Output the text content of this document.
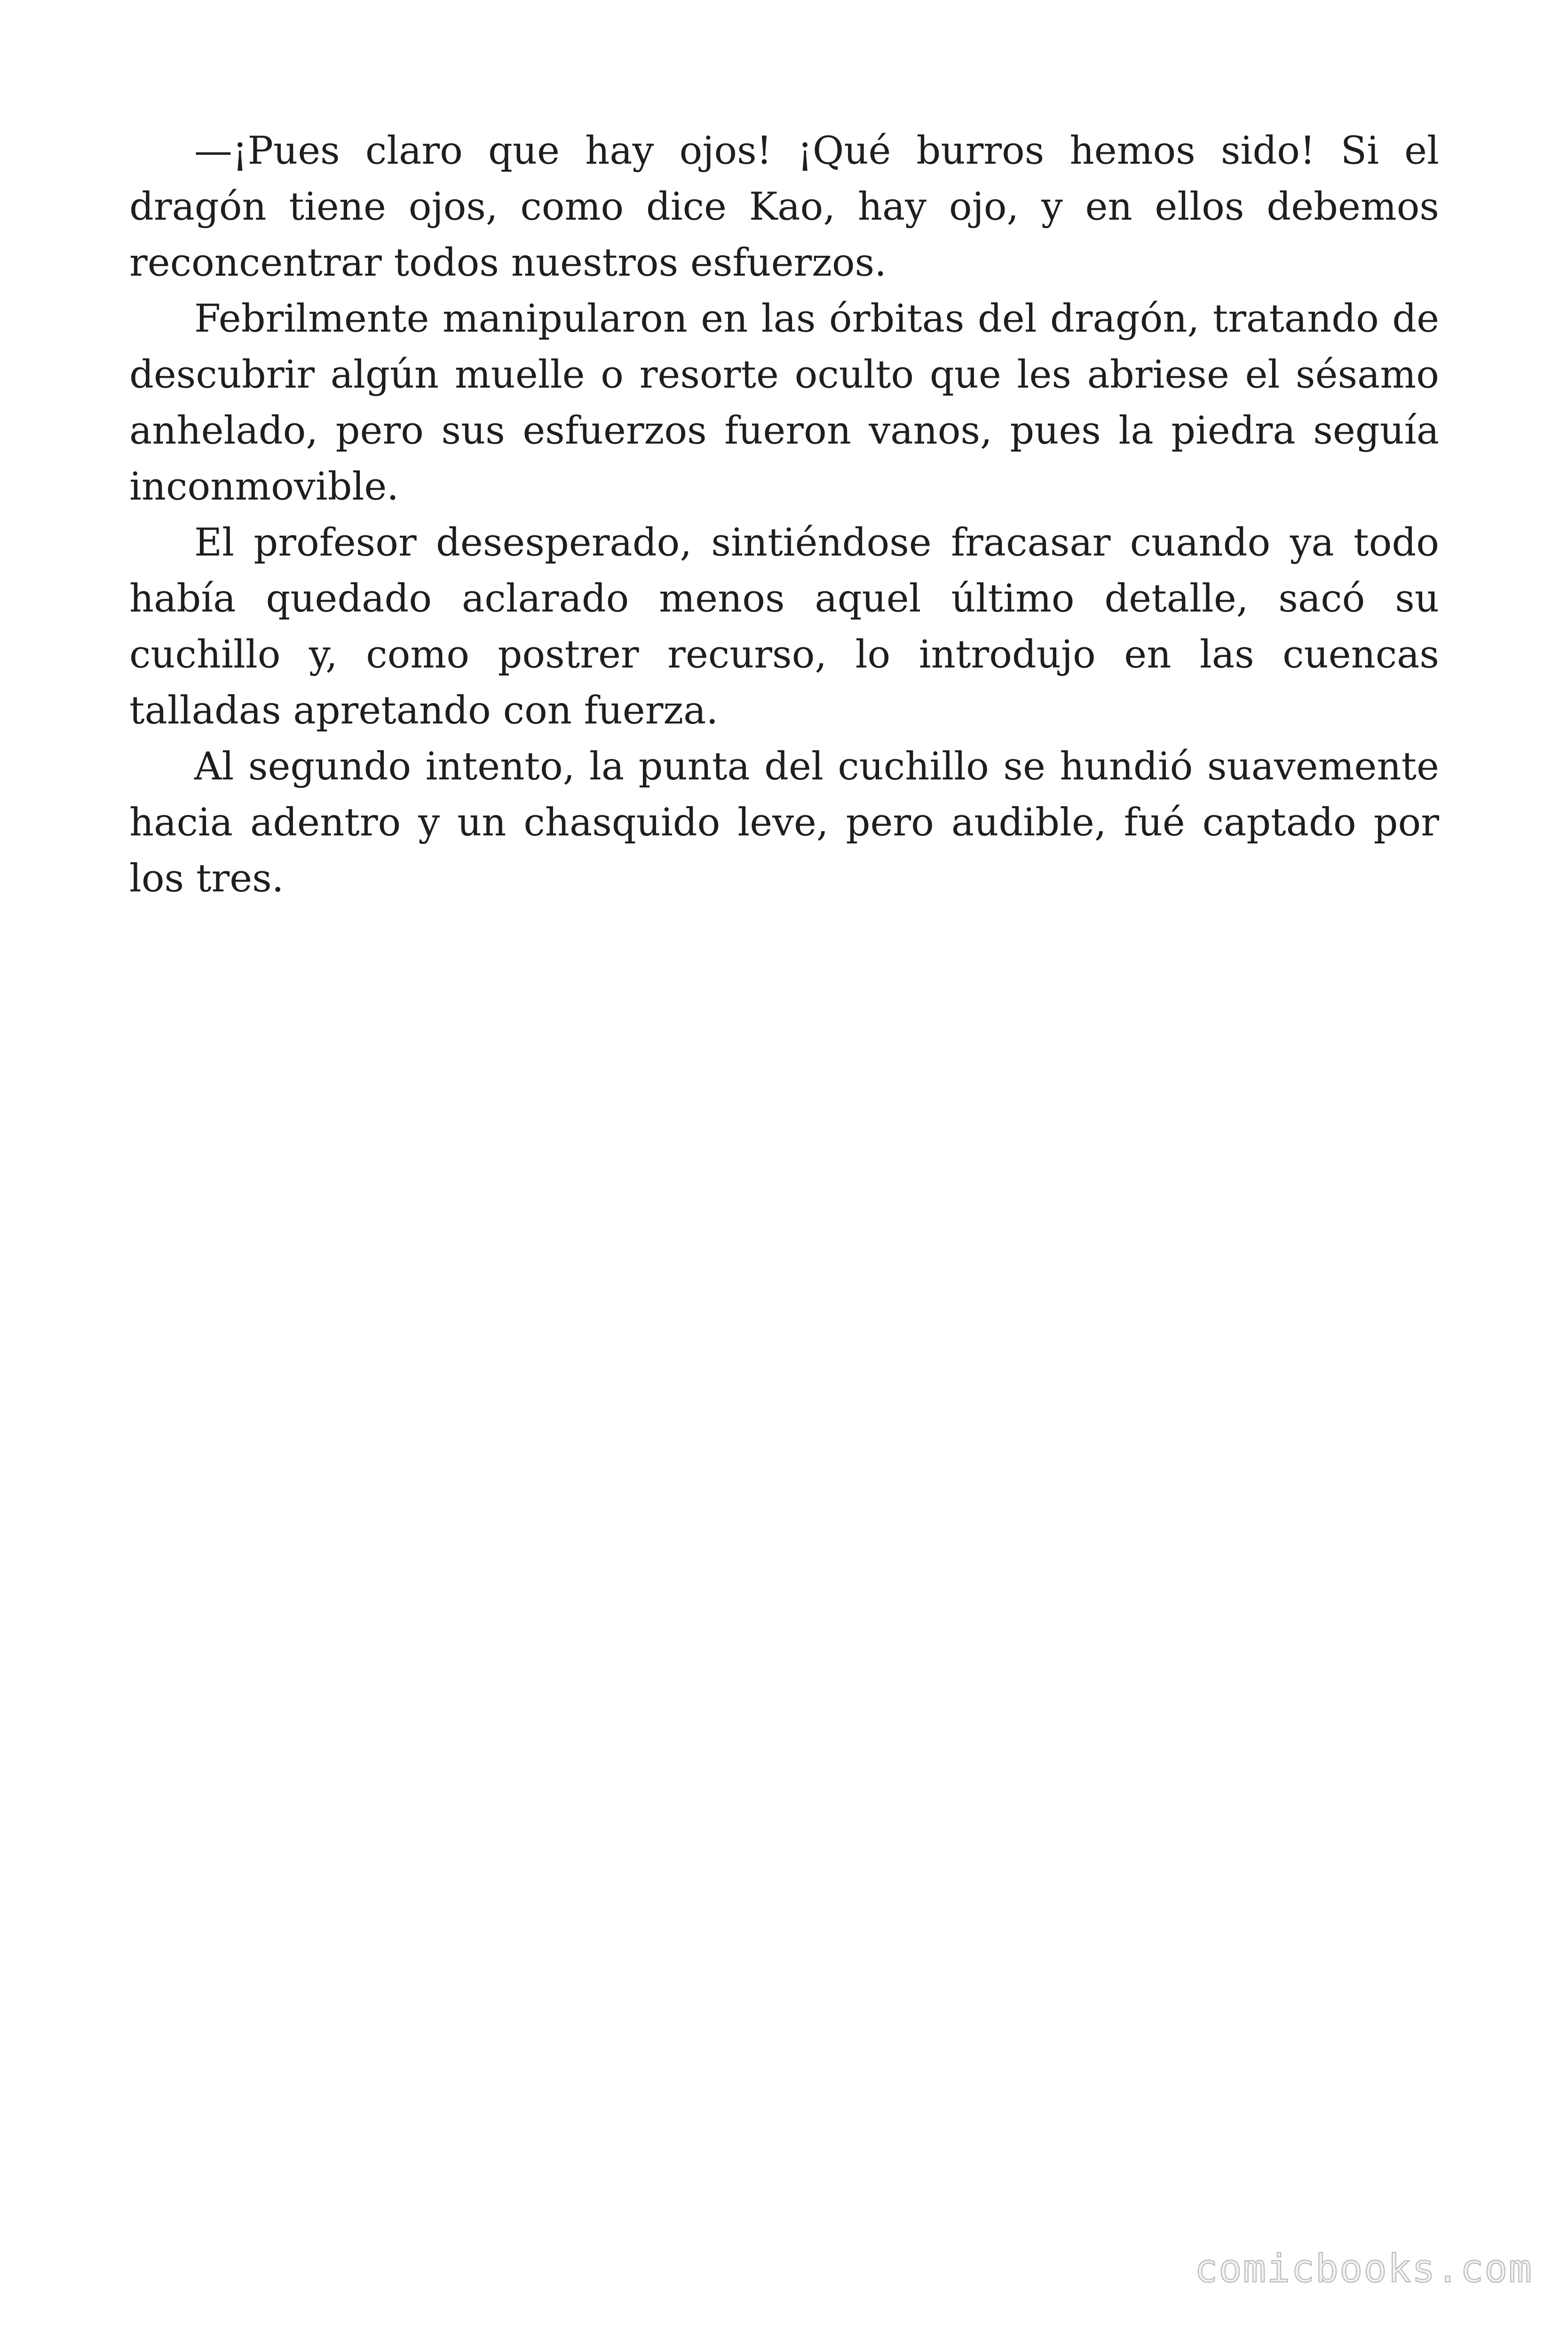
—¡Pues claro que hay ojos! ¡Qué burros hemos sido! Si el dragón tiene ojos, como dice Kao, hay ojo, y en ellos debemos reconcentrar todos nuestros esfuerzos.

Febrilmente manipularon en las órbitas del dragón, tratando de descubrir algún muelle o resorte oculto que les abriese el sésamo anhelado, pero sus esfuerzos fueron vanos, pues la piedra seguía inconmovible.

El profesor desesperado, sintiéndose fracasar cuando ya todo había quedado aclarado menos aquel último detalle, sacó su cuchillo y, como postrer recurso, lo introdujo en las cuencas talladas apretando con fuerza.

Al segundo intento, la punta del cuchillo se hundió suavemente hacia adentro y un chasquido leve, pero audible, fué captado por los tres.

comicbooks.com
